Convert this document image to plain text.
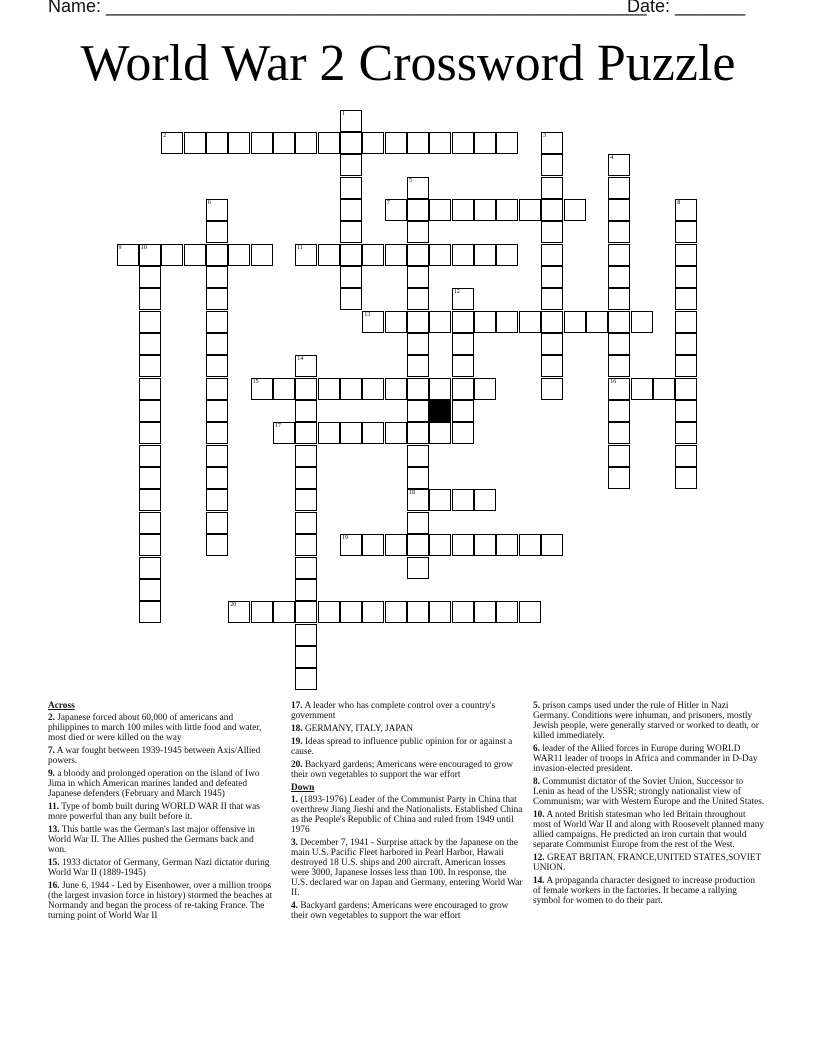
Name: ______________________________________________________
Date: _______
World War 2 Crossword Puzzle
2
7
9	10	11
13
15	16
17
18
19
20
1
3
4
5
6	8
12
14
Across

2. Japanese forced about 60,000 of americans and philippines to march 100 miles with little food and water, most died or were killed on the way

7. A war fought between 1939-1945 between Axis/Allied powers.

9. a bloody and prolonged operation on the island of Iwo Jima in which American marines landed and defeated Japanese defenders (February and March 1945)

11. Type of bomb built during WORLD WAR II that was more powerful than any built before it.

13. This battle was the German's last major offensive in World War II. The Allies pushed the Germans back and won.

15. 1933 dictator of Germany, German Nazi dictator during World War II (1889-1945)

16. June 6, 1944 - Led by Eisenhower, over a million troops (the largest invasion force in history) stormed the beaches at Normandy and began the process of re-taking France. The turning point of World War II

17. A leader who has complete control over a country's government

18. GERMANY, ITALY, JAPAN

19. Ideas spread to influence public opinion for or against a cause.

20. Backyard gardens; Americans were encouraged to grow their own vegetables to support the war effort

Down

1. (1893-1976) Leader of the Communist Party in China that overthrew Jiang Jieshi and the Nationalists. Established China as the People's Republic of China and ruled from 1949 until 1976

3. December 7, 1941 - Surprise attack by the Japanese on the main U.S. Pacific Fleet harbored in Pearl Harbor, Hawaii destroyed 18 U.S. ships and 200 aircraft. American losses were 3000, Japanese losses less than 100. In response, the U.S. declared war on Japan and Germany, entering World War II.

4. Backyard gardens; Americans were encouraged to grow their own vegetables to support the war effort

5. prison camps used under the rule of Hitler in Nazi Germany. Conditions were inhuman, and prisoners, mostly Jewish people, were generally starved or worked to death, or killed immediately.

6. leader of the Allied forces in Europe during WORLD WAR11 leader of troops in Africa and commander in D-Day invasion-elected president.

8. Communist dictator of the Soviet Union, Successor to Lenin as head of the USSR; strongly nationalist view of Communism; war with Western Europe and the United States.

10. A noted British statesman who led Britain throughout most of World War II and along with Roosevelt planned many allied campaigns. He predicted an iron curtain that would separate Communist Europe from the rest of the West.

12. GREAT BRITAN, FRANCE,UNITED STATES,SOVIET UNION.

14. A propaganda character designed to increase production of female workers in the factories. It became a rallying symbol for women to do their part.
